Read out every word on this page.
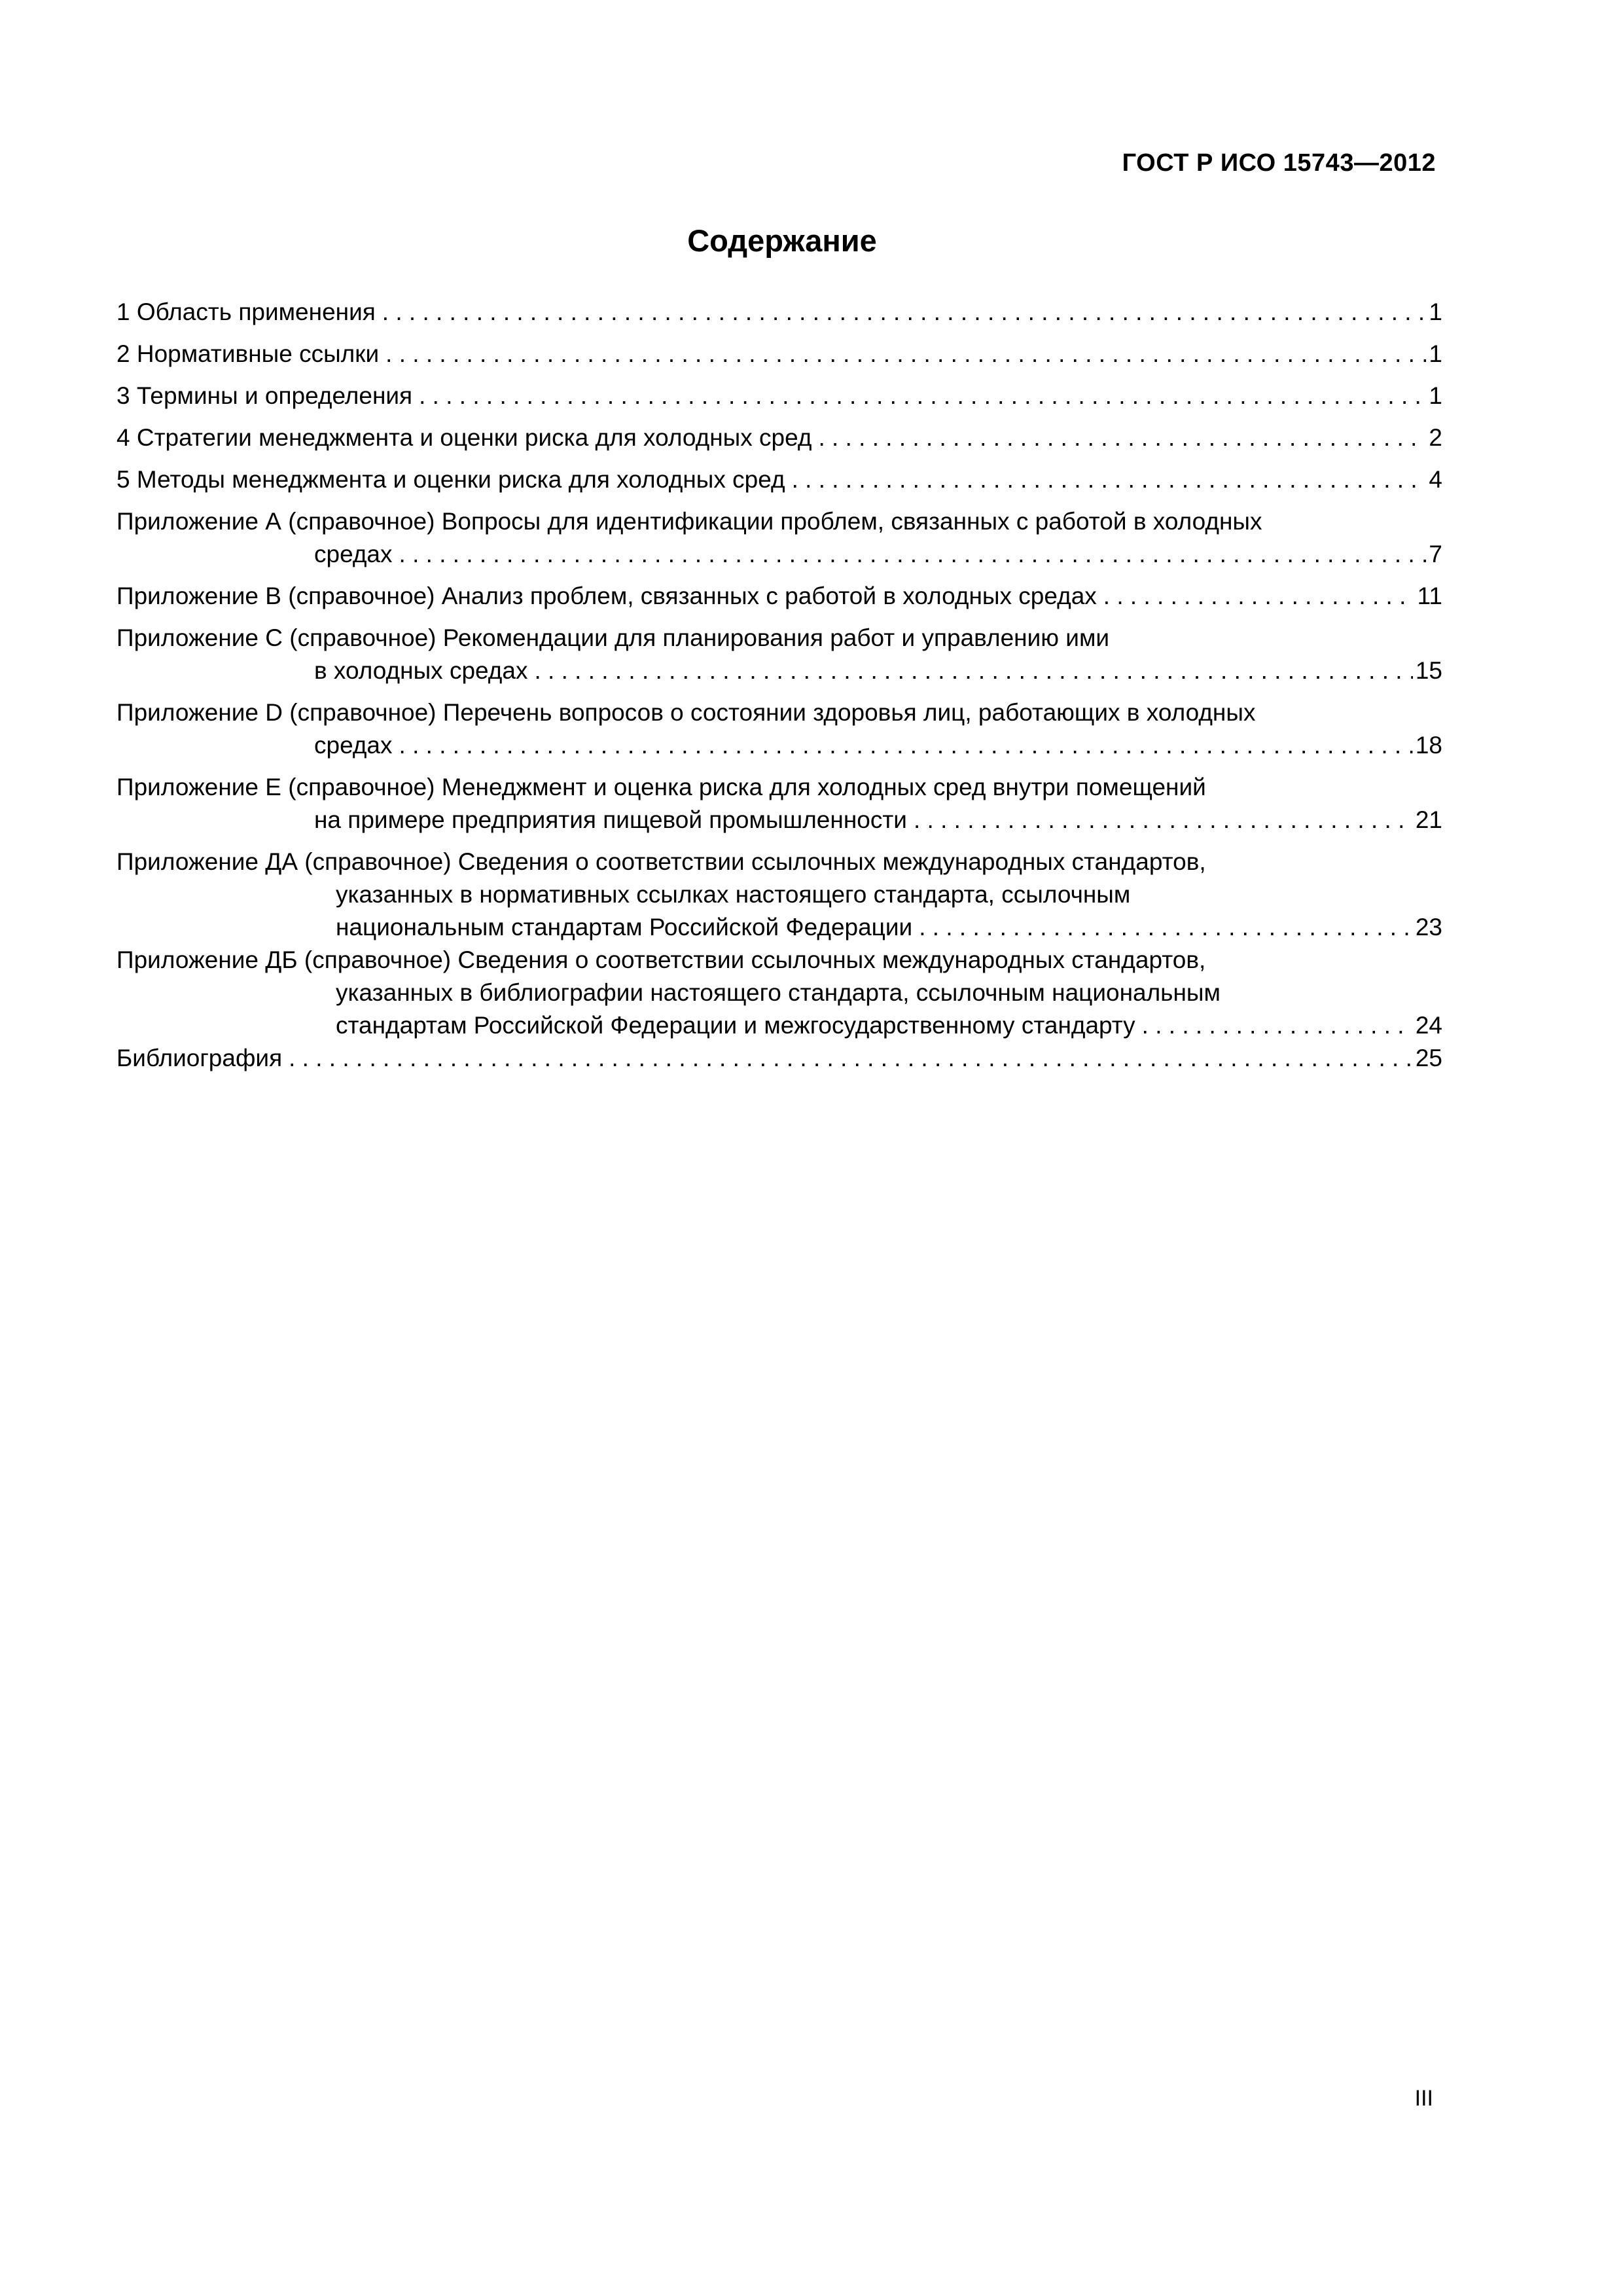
ГОСТ Р ИСО 15743—2012
Содержание
1 Область применения . . .	1
2 Нормативные ссылки . . .	1
3 Термины и определения . . .	1
4 Стратегии менеджмента и оценки риска для холодных сред . . .	2
5 Методы менеджмента и оценки риска для холодных сред . . .	4
Приложение А (справочное) Вопросы для идентификации проблем, связанных с работой в холодных
средах . . .	7
Приложение В (справочное) Анализ проблем, связанных с работой в холодных средах . . .	11
Приложение С (справочное) Рекомендации для планирования работ и управлению ими
в холодных средах . . .	15
Приложение D (справочное) Перечень вопросов о состоянии здоровья лиц, работающих в холодных
средах . . .	18
Приложение Е (справочное) Менеджмент и оценка риска для холодных сред внутри помещений
на примере предприятия пищевой промышленности . . .	21
Приложение ДА (справочное) Сведения о соответствии ссылочных международных стандартов,
указанных в нормативных ссылках настоящего стандарта, ссылочным
национальным стандартам Российской Федерации . . .	23
Приложение ДБ (справочное) Сведения о соответствии ссылочных международных стандартов,
указанных в библиографии настоящего стандарта, ссылочным национальным
стандартам Российской Федерации и межгосударственному стандарту . . .	24
Библиография . . .	25
III
